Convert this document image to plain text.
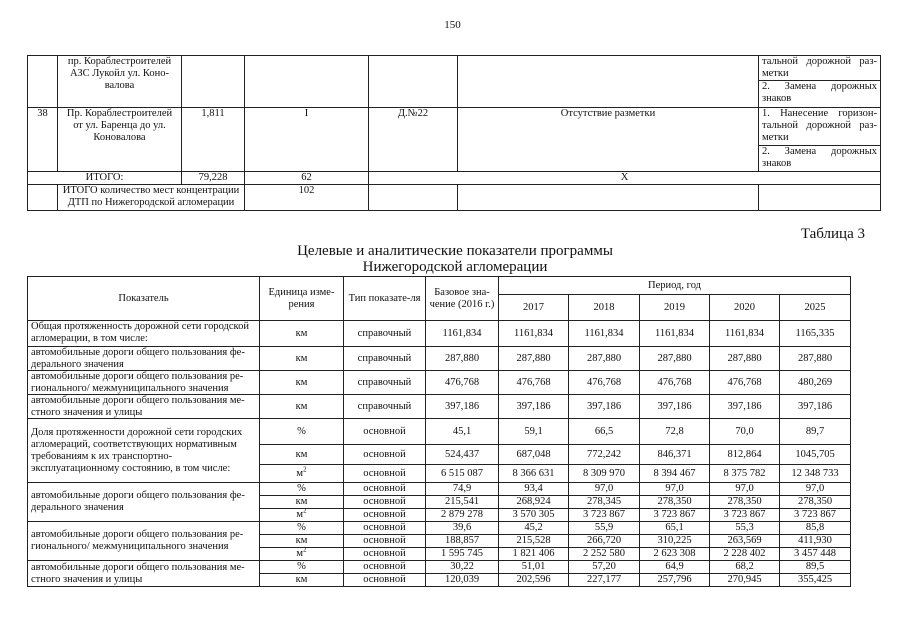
150
	пр. Кораблестроителей АЗС Лукойл ул. Коно-валова					тальной дорожной раз-метки
2. Замена дорожных знаков

38	Пр. Кораблестроителей от ул. Баренца до ул. Коновалова	1,811	I	Д.№22	Отсутствие разметки	1. Нанесение горизон-тальной дорожной раз-метки
2. Замена дорожных знаков

ИТОГО:		79,228	62	X		
	ИТОГО количество мест концентрации ДТП по Нижегородской агломерации		102			
Таблица 3
Целевые и аналитические показатели программы
Нижегородской агломерации
Показатель	Единица изме-рения	Тип показате-ля	Базовое зна-чение (2016 г.)	Период, год				
				2017	2018	2019	2020	2025
Общая протяженность дорожной сети городской агломерации, в том числе:	км	справочный	1161,834	1161,834	1161,834	1161,834	1161,834	1165,335
автомобильные дороги общего пользования фе-дерального значения	км	справочный	287,880	287,880	287,880	287,880	287,880	287,880
автомобильные дороги общего пользования ре-гионального/ межмуниципального значения	км	справочный	476,768	476,768	476,768	476,768	476,768	480,269
автомобильные дороги общего пользования ме-стного значения и улицы	км	справочный	397,186	397,186	397,186	397,186	397,186	397,186
Доля протяженности дорожной сети городских агломераций, соответствующих нормативным требованиям к их транспортно-эксплуатационному состоянию, в том числе:	%	основной	45,1	59,1	66,5	72,8	70,0	89,7
	км	основной	524,437	687,048	772,242	846,371	812,864	1045,705
	$м^2$	основной	6 515 087	8 366 631	8 309 970	8 394 467	8 375 782	12 348 733
автомобильные дороги общего пользования фе-дерального значения	%	основной	74,9	93,4	97,0	97,0	97,0	97,0
	км	основной	215,541	268,924	278,345	278,350	278,350	278,350
	$м^2$	основной	2 879 278	3 570 305	3 723 867	3 723 867	3 723 867	3 723 867
автомобильные дороги общего пользования ре-гионального/ межмуниципального значения	%	основной	39,6	45,2	55,9	65,1	55,3	85,8
	км	основной	188,857	215,528	266,720	310,225	263,569	411,930
	$м^2$	основной	1 595 745	1 821 406	2 252 580	2 623 308	2 228 402	3 457 448
автомобильные дороги общего пользования ме-стного значения и улицы	%	основной	30,22	51,01	57,20	64,9	68,2	89,5
	км	основной	120,039	202,596	227,177	257,796	270,945	355,425
